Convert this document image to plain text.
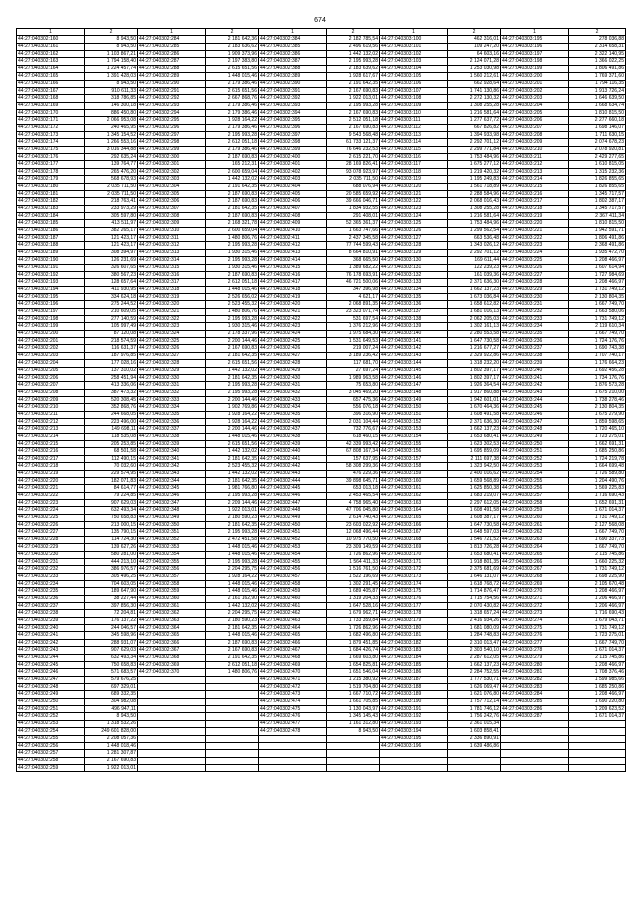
674
1	2	1	2	1	2	1	2	1	2
44:27:040302:160	8 943,50	44:27:040302:284	2 181 642,36	44:27:040302:384	2 182 785,54	44:27:040303:100	462 316,01	44:27:040303:195	278 036,88
44:27:040302:161	8 943,50	44:27:040302:285	2 183 636,62	44:27:040302:385	2 496 619,56	44:27:040303:101	109 247,20	44:27:040303:196	2 314 658,31
44:27:040302:162	1 103 867,21	44:27:040302:286	1 909 373,96	44:27:040302:386	1 442 132,02	44:27:040303:102	64 603,16	44:27:040303:197	2 322 140,95
44:27:040302:163	1 794 158,40	44:27:040302:287	2 197 383,80	44:27:040302:387	2 195 993,28	44:27:040303:103	2 124 071,28	44:27:040303:198	1 366 022,25
44:27:040302:164	1 224 457,74	44:27:040302:288	2 615 651,56	44:27:040302:388	2 183 639,62	44:27:040303:104	1 253 030,98	44:27:040303:199	1 806 491,86
44:27:040302:165	1 391 428,03	44:27:040302:289	1 448 015,46	44:27:040302:389	1 928 617,67	44:27:040303:105	1 560 212,61	44:27:040303:200	1 769 371,60
44:27:040302:166	8 943,50	44:27:040302:290	2 179 386,46	44:27:040302:390	2 191 642,35	44:27:040303:106	662 928,64	44:27:040303:201	1 794 116,35
44:27:040302:167	910 611,33	44:27:040302:291	2 615 651,56	44:27:040302:391	2 167 690,83	44:27:040303:107	1 741 130,86	44:27:040303:202	1 913 726,24
44:27:040302:168	318 786,85	44:27:040302:292	2 667 868,76	44:27:040302:392	1 922 013,01	44:27:040303:108	2 272 130,32	44:27:040303:203	1 646 639,50
44:27:040302:169	146 300,18	44:27:040302:293	2 179 386,46	44:27:040302:393	2 195 993,28	44:27:040303:109	1 308 255,28	44:27:040303:204	1 668 634,74
44:27:040302:170	886 450,80	44:27:040302:294	2 179 386,46	44:27:040302:394	2 167 690,83	44:27:040303:110	1 216 581,64	44:27:040303:205	1 810 815,50
44:27:040302:171	2 066 953,08	44:27:040302:295	1 928 164,22	44:27:040302:395	2 512 051,18	44:27:040303:111	1 277 637,72	44:27:040303:206	2 277 660,18
44:27:040302:172	240 465,95	44:27:040302:296	2 179 386,46	44:27:040302:396	2 167 690,83	44:27:040303:112	667 826,82	44:27:040303:207	1 698 146,07
44:27:040302:173	1 345 154,52	44:27:040302:297	2 195 993,28	44:27:040302:397	9 543 568,48	44:27:040303:113	1 394 933,98	44:27:040303:208	1 711 630,15
44:27:040302:174	1 266 553,16	44:27:040302:298	2 612 051,18	44:27:040302:398	61 733 121,37	44:27:040303:114	2 292 701,12	44:27:040303:209	2 074 678,23
44:27:040302:175	3 016 344,88	44:27:040302:299	2 179 386,46	44:27:040302:399	76 646 232,53	44:27:040303:115	2 299 771,84	44:27:040303:210	2 078 920,81
44:27:040302:176	292 635,24	44:27:040302:300	2 187 690,83	44:27:040302:400	2 615 221,70	44:27:040303:116	1 753 484,96	44:27:040303:211	2 429 277,65
44:27:040302:177	139 764,77	44:27:040302:301	165 212,31	44:27:040302:401	28 169 826,41	44:27:040303:117	1 675 277,12	44:27:040303:212	1 610 815,05
44:27:040302:178	265 476,20	44:27:040302:302	2 600 659,04	44:27:040302:402	93 078 923,97	44:27:040303:118	1 219 420,32	44:27:040303:213	1 315 232,36
44:27:040302:179	568 678,93	44:27:040302:303	1 442 132,02	44:27:040302:403	2 035 711,50	44:27:040303:119	1 195 249,83	44:27:040303:214	1 826 855,65
44:27:040302:180	2 035 711,50	44:27:040302:304	2 191 642,35	44:27:040302:404	688 076,94	44:27:040303:120	1 561 718,89	44:27:040303:215	1 826 855,65
44:27:040302:181	2 035 711,50	44:27:040302:305	2 187 690,83	44:27:040302:405	20 585 659,92	44:27:040303:121	2 288 584,96	44:27:040303:216	1 345 717,57
44:27:040302:182	218 763,41	44:27:040302:306	2 187 690,83	44:27:040302:406	39 666 046,71	44:27:040303:122	2 068 016,43	44:27:040303:217	1 802 387,17
44:27:040302:183	233 973,29	44:27:040302:307	2 181 642,35	44:27:040302:407	1 834 932,55	44:27:040303:123	1 308 255,28	44:27:040303:218	1 345 717,57
44:27:040302:184	305 597,80	44:27:040302:308	2 187 690,83	44:27:040302:408	291 408,01	44:27:040303:124	1 216 581,64	44:27:040303:219	2 367 411,34
44:27:040302:185	413 511,97	44:27:040302:309	2 168 321,78	44:27:040302:409	52 365 361,37	44:27:040303:125	1 753 484,96	44:27:040303:220	1 810 815,50
44:27:040302:186	382 265,17	44:27:040302:310	2 600 659,04	44:27:040302:410	1 663 747,66	44:27:040303:126	1 299 562,54	44:27:040303:221	1 942 591,71
44:27:040302:187	121 423,17	44:27:040302:311	1 480 806,76	44:27:040302:411	2 437 345,58	44:27:040303:127	663 536,48	44:27:040303:222	1 806 491,86
44:27:040302:188	121 423,17	44:27:040302:312	2 195 993,28	44:27:040302:412	77 744 599,43	44:27:040303:128	1 343 026,12	44:27:040303:223	2 368 491,86
44:27:040302:189	308 394,97	44:27:040302:313	1 930 315,46	44:27:040302:413	8 664 810,91	44:27:040303:129	2 292 701,12	44:27:040303:224	1 935 472,70
44:27:040302:190	126 231,69	44:27:040302:314	2 195 993,28	44:27:040302:414	368 665,50	44:27:040303:130	169 611,44	44:27:040303:225	1 208 466,97
44:27:040302:191	326 607,65	44:27:040302:315	1 930 315,46	44:27:040302:415	1 389 682,22	44:27:040303:131	122 239,23	44:27:040303:226	1 607 614,94
44:27:040302:192	380 567,23	44:27:040302:316	2 187 690,83	44:27:040302:416	76 178 693,91	44:27:040303:132	161 039,36	44:27:040303:227	1 727 984,69
44:27:040302:193	128 657,64	44:27:040302:317	2 612 051,18	44:27:040302:417	46 721 500,06	44:27:040303:133	2 371 636,30	44:27:040303:228	1 208 466,97
44:27:040302:194	411 930,95	44:27:040302:318	1 448 015,46	44:27:040302:418	347 396,98	44:27:040303:134	1 662 137,23	44:27:040303:229	1 731 749,12
44:27:040302:195	334 624,18	44:27:040302:319	2 526 656,02	44:27:040302:419	4 621,17	44:27:040303:135	1 673 036,84	44:27:040303:230	2 130 804,35
44:27:040302:196	275 244,52	44:27:040302:320	2 523 455,32	44:27:040302:420	2 068 891,35	44:27:040303:136	1 658 612,82	44:27:040303:231	1 667 749,70
44:27:040302:197	210 609,05	44:27:040302:321	1 480 806,76	44:27:040302:421	23 323 071,74	44:27:040303:137	1 681 016,13	44:27:040303:232	1 663 580,06
44:27:040302:198	277 140,59	44:27:040302:322	2 195 993,28	44:27:040302:422	531 697,54	44:27:040303:138	2 062 205,03	44:27:040303:233	1 731 749,12
44:27:040302:199	105 997,49	44:27:040302:323	1 930 315,46	44:27:040302:423	1 376 212,96	44:27:040303:139	1 302 161,13	44:27:040303:234	2 119 610,34
44:27:040302:200	87 120,08	44:27:040302:324	2 178 337,96	44:27:040302:424	1 975 684,30	44:27:040303:140	2 280 553,58	44:27:040303:235	1 667 749,70
44:27:040302:201	218 574,59	44:27:040302:325	2 200 144,46	44:27:040302:425	1 531 649,53	44:27:040303:141	1 647 730,58	44:27:040303:236	1 724 176,76
44:27:040302:202	116 631,37	44:27:040302:326	2 167 690,83	44:27:040302:426	219 007,24	44:27:040303:142	1 216 677,27	44:27:040303:237	1 690 743,38
44:27:040302:203	187 976,85	44:27:040302:327	2 181 642,35	44:27:040302:427	3 189 236,42	44:27:040303:143	2 329 922,86	44:27:040303:238	1 707 740,17
44:27:040302:204	177 028,16	44:27:040302:328	2 615 651,56	44:27:040302:428	117 681,70	44:27:040303:144	1 318 232,20	44:27:040303:239	1 176 664,23
44:27:040302:205	137 310,02	44:27:040302:329	1 442 132,02	44:27:040302:429	27 697,24	44:27:040303:145	1 802 397,17	44:27:040303:240	1 692 456,28
44:27:040302:206	258 451,94	44:27:040302:330	2 181 642,35	44:27:040302:430	1 989 963,58	44:27:040303:146	1 802 397,17	44:27:040303:241	1 734 176,76
44:27:040302:207	413 336,06	44:27:040302:331	2 195 993,28	44:27:040302:431	75 653,80	44:27:040303:147	1 926 364,54	44:27:040303:242	1 876 573,28
44:27:040302:208	387 473,32	44:27:040302:332	2 195 993,28	44:27:040302:432	3 045 469,20	44:27:040303:148	1 917 860,88	44:27:040303:243	1 675 210,00
44:27:040302:209	520 308,45	44:27:040302:333	2 200 144,46	44:27:040302:433	657 475,36	44:27:040303:149	1 942 601,01	44:27:040303:244	1 738 278,46
44:27:040302:210	352 868,76	44:27:040302:334	1 902 769,86	44:27:040302:434	556 076,18	44:27:040303:150	1 670 464,36	44:27:040303:245	2 130 804,35
44:27:040302:211	244 668,05	44:27:040302:335	1 928 164,22	44:27:040302:435	396 316,90	44:27:040303:151	1 608 491,58	44:27:040303:246	1 675 279,90
44:27:040302:212	223 496,00	44:27:040302:336	1 928 164,22	44:27:040302:436	2 031 104,44	44:27:040303:152	2 371 636,30	44:27:040303:247	1 859 598,65
44:27:040302:213	149 698,11	44:27:040302:337	2 200 144,46	44:27:040302:437	732 776,67	44:27:040303:153	1 662 137,23	44:27:040303:248	1 720 465,10
44:27:040302:214	118 535,08	44:27:040302:338	1 448 015,46	44:27:040302:438	618 460,15	44:27:040303:154	1 653 680,41	44:27:040303:249	1 723 275,01
44:27:040302:215	205 253,85	44:27:040302:339	2 615 651,56	44:27:040302:439	42 339 993,42	44:27:040303:155	1 623 302,53	44:27:040303:250	1 662 691,31
44:27:040302:216	68 501,58	44:27:040302:340	1 442 132,02	44:27:040302:440	67 808 167,34	44:27:040303:156	1 695 859,09	44:27:040303:251	1 685 250,86
44:27:040302:217	112 490,15	44:27:040302:341	2 181 642,35	44:27:040302:441	157 637,95	44:27:040303:157	2 111 697,38	44:27:040303:252	1 724 219,78
44:27:040302:218	70 032,60	44:27:040302:342	2 523 455,32	44:27:040302:442	58 308 299,36	44:27:040303:158	1 323 942,50	44:27:040303:253	1 664 699,48
44:27:040302:219	229 574,95	44:27:040302:343	1 442 132,02	44:27:040302:443	476 229,36	44:27:040303:159	2 400 016,62	44:27:040303:254	1 726 589,80
44:27:040302:220	182 071,83	44:27:040302:344	2 181 642,35	44:27:040302:444	39 898 645,71	44:27:040303:160	1 659 568,89	44:27:040303:255	1 204 490,76
44:27:040302:221	84 614,77	44:27:040302:345	1 981 766,80	44:27:040302:445	653 013,18	44:27:040303:161	1 625 850,38	44:27:040303:256	1 569 225,83
44:27:040302:222	79 224,85	44:27:040302:346	2 195 993,28	44:27:040302:446	2 453 465,54	44:27:040303:162	1 683 219,07	44:27:040303:257	1 716 690,43
44:27:040302:223	907 629,03	44:27:040302:347	2 209 144,46	44:27:040302:447	4 758 965,40	44:27:040303:163	2 297 612,05	44:27:040303:258	1 652 691,31
44:27:040302:224	632 493,34	44:27:040302:348	1 922 013,01	44:27:040302:448	47 706 045,80	44:27:040303:164	1 608 491,58	44:27:040303:259	1 671 014,37
44:27:040302:225	750 658,83	44:27:040302:349	2 180 590,23	44:27:040302:449	2 614 740,43	44:27:040303:165	1 608 387,17	44:27:040303:260	1 731 749,12
44:27:040302:226	213 000,15	44:27:040302:350	2 181 642,35	44:27:040302:450	23 603 022,92	44:27:040303:166	1 647 730,58	44:27:040303:261	2 127 568,08
44:27:040302:227	135 790,15	44:27:040302:351	2 195 993,28	44:27:040302:451	12 068 496,44	44:27:040303:167	1 648 597,03	44:27:040303:262	1 667 749,70
44:27:040302:228	114 724,30	44:27:040302:352	2 472 451,58	44:27:040302:452	10 975 770,50	44:27:040303:168	1 546 721,52	44:27:040303:263	1 690 337,73
44:27:040302:229	139 627,26	44:27:040302:353	1 448 015,46	44:27:040302:453	23 309 149,59	44:27:040303:169	1 813 726,28	44:27:040303:264	1 667 749,70
44:27:040302:230	580 281,00	44:27:040302:354	1 448 015,46	44:27:040302:454	1 726 862,96	44:27:040303:170	1 653 680,41	44:27:040303:265	2 115 745,86
44:27:040302:231	444 213,10	44:27:040302:355	2 195 993,28	44:27:040302:455	1 564 411,33	44:27:040303:171	1 918 801,35	44:27:040303:266	1 660 225,32
44:27:040302:232	386 976,57	44:27:040302:356	2 204 295,75	44:27:040302:456	1 516 761,50	44:27:040303:172	2 375 681,69	44:27:040303:267	1 731 749,12
44:27:040302:233	305 496,25	44:27:040302:357	1 928 164,22	44:27:040302:457	1 522 196,69	44:27:040303:173	1 646 131,07	44:27:040303:268	1 698 225,90
44:27:040302:234	704 603,05	44:27:040302:358	1 448 015,46	44:27:040302:458	1 302 291,45	44:27:040303:174	1 618 768,72	44:27:040303:269	2 105 670,48
44:27:040302:235	189 647,90	44:27:040302:359	1 448 015,46	44:27:040302:459	1 689 405,87	44:27:040303:175	1 714 876,47	44:27:040303:270	1 208 466,97
44:27:040302:236	38 227,44	44:27:040302:360	2 161 162,90	44:27:040302:460	1 319 204,33	44:27:040303:176	1 715 754,56	44:27:040303:271	1 206 466,97
44:27:040302:237	397 856,30	44:27:040302:361	1 442 132,02	44:27:040302:461	1 647 528,16	44:27:040303:177	2 070 430,82	44:27:040303:272	1 206 466,97
44:27:040302:238	72 204,81	44:27:040302:362	2 204 295,75	44:27:040302:462	1 679 962,71	44:27:040303:178	1 318 657,24	44:27:040303:273	1 716 690,43
44:27:040302:239	176 137,22	44:27:040302:363	2 180 590,23	44:27:040302:463	1 733 359,84	44:27:040303:179	2 416 934,26	44:27:040303:274	1 679 043,71
44:27:040302:240	244 046,57	44:27:040302:364	2 181 642,35	44:27:040302:464	1 726 862,96	44:27:040303:180	1 681 080,09	44:27:040303:275	1 731 749,12
44:27:040302:241	345 598,96	44:27:040302:365	1 448 015,46	44:27:040302:465	1 682 496,80	44:27:040303:181	1 284 748,83	44:27:040303:276	1 723 275,01
44:27:040302:242	288 931,07	44:27:040302:366	2 187 690,83	44:27:040302:466	1 879 451,85	44:27:040303:182	2 310 013,47	44:27:040303:277	1 667 749,70
44:27:040302:243	907 629,03	44:27:040302:367	2 167 690,83	44:27:040302:467	1 684 426,74	44:27:040303:183	2 303 540,10	44:27:040303:278	1 671 014,37
44:27:040302:244	632 493,34	44:27:040302:368	2 191 642,35	44:27:040302:468	1 669 603,80	44:27:040303:184	2 287 612,05	44:27:040303:279	2 115 745,86
44:27:040302:245	750 658,83	44:27:040302:369	2 612 051,18	44:27:040302:469	1 654 825,81	44:27:040303:185	1 662 137,23	44:27:040303:280	1 208 466,97
44:27:040302:246	571 683,57	44:27:040302:370	1 480 806,76	44:27:040302:470	1 651 546,04	44:27:040303:186	2 284 752,55	44:27:040303:281	1 708 376,46
44:27:040302:247	579 676,25			44:27:040302:471	1 215 380,92	44:27:040303:187	1 777 530,71	44:27:040303:282	1 599 985,66
44:27:040302:248	697 329,01			44:27:040302:472	1 519 704,80	44:27:040303:188	1 626 069,47	44:27:040303:283	1 685 250,86
44:27:040302:249	689 332,35			44:27:040302:473	1 667 710,72	44:27:040303:189	1 621 076,80	44:27:040303:284	1 208 466,97
44:27:040302:250	304 982,08			44:27:040302:474	1 661 705,85	44:27:040303:190	1 757 712,14	44:27:040303:285	1 690 220,80
44:27:040302:251	496 947,11			44:27:040302:475	1 130 043,97	44:27:040303:191	1 781 746,12	44:27:040303:286	1 209 623,52
44:27:040302:252	8 943,50			44:27:040302:476	1 345 145,43	44:27:040303:192	1 756 242,76	44:27:040303:287	1 671 014,37
44:27:040302:253	1 318 532,26			44:27:040302:477	1 161 312,80	44:27:040303:193	2 361 015,34		
44:27:040302:254	249 601 828,00			44:27:040302:478	8 943,50	44:27:040303:194	1 603 858,41		
44:27:040302:255	2 208 057,36					44:27:040303:195	2 336 890,91		
44:27:040302:256	1 448 018,46					44:27:040303:196	1 639 486,86		
44:27:040302:257	1 281 307,87								
44:27:040302:258	2 167 690,83								
44:27:040302:259	1 922 013,01								
